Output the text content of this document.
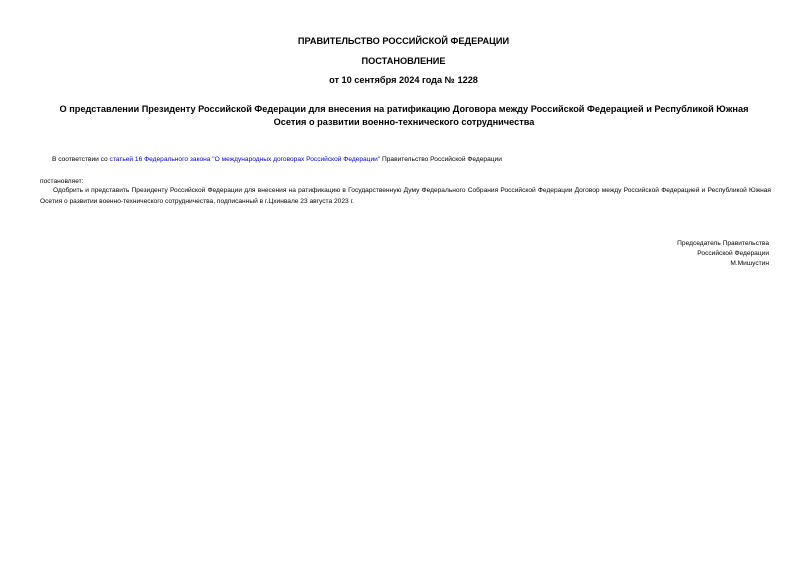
ПРАВИТЕЛЬСТВО РОССИЙСКОЙ ФЕДЕРАЦИИ
ПОСТАНОВЛЕНИЕ
от 10 сентября 2024 года № 1228
О представлении Президенту Российской Федерации для внесения на ратификацию Договора между Российской Федерацией и Республикой Южная Осетия о развитии военно-технического сотрудничества
В соответствии со статьей 16 Федерального закона "О международных договорах Российской Федерации" Правительство Российской Федерации
постановляет:
Одобрить и представить Президенту Российской Федерации для внесения на ратификацию в Государственную Думу Федерального Собрания Российской Федерации Договор между Российской Федерацией и Республикой Южная Осетия о развитии военно-технического сотрудничества, подписанный в г.Цхинвале 23 августа 2023 г.
Председатель Правительства
Российской Федерации
М.Мишустин
